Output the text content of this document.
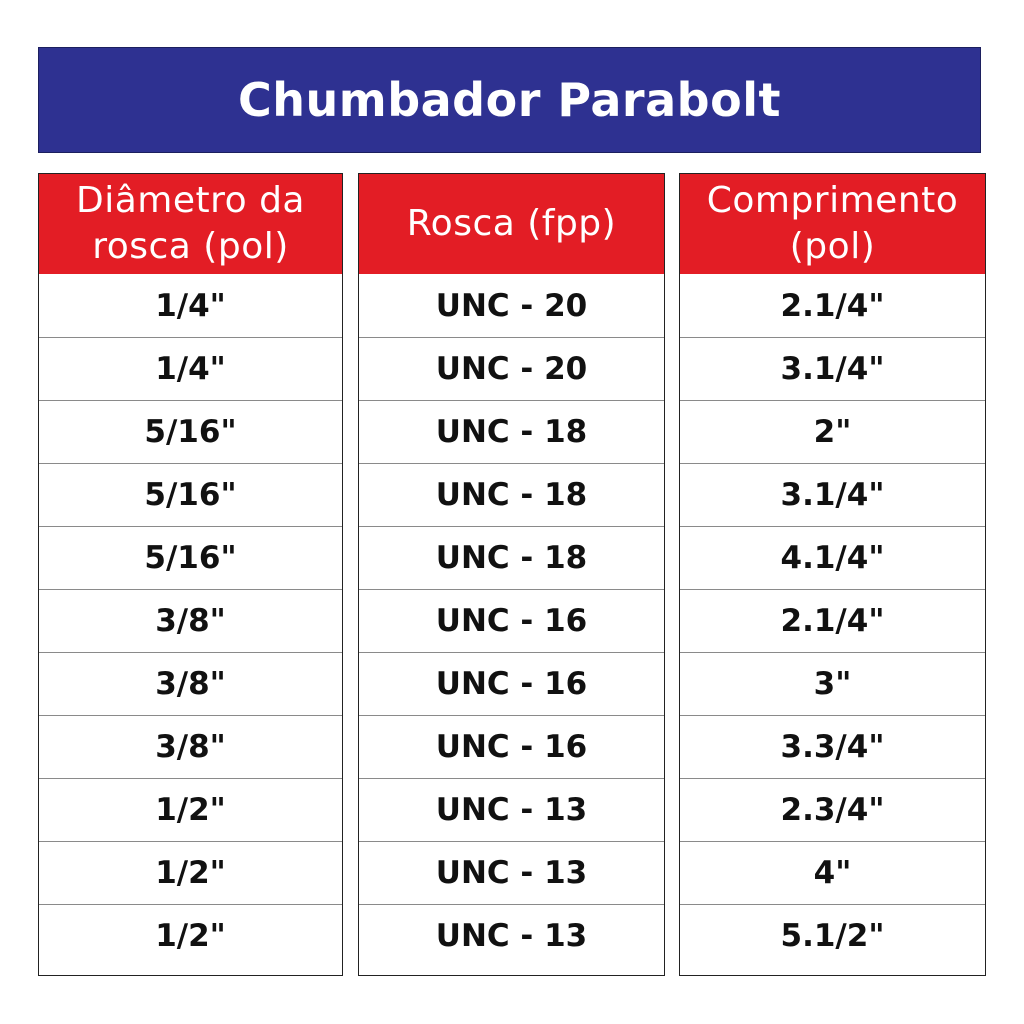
Chumbador Parabolt
Diâmetro da
rosca (pol)
1/4"
1/4"
5/16"
5/16"
5/16"
3/8"
3/8"
3/8"
1/2"
1/2"
1/2"
Rosca (fpp)
UNC - 20
UNC - 20
UNC - 18
UNC - 18
UNC - 18
UNC - 16
UNC - 16
UNC - 16
UNC - 13
UNC - 13
UNC - 13
Comprimento
(pol)
2.1/4"
3.1/4"
2"
3.1/4"
4.1/4"
2.1/4"
3"
3.3/4"
2.3/4"
4"
5.1/2"
